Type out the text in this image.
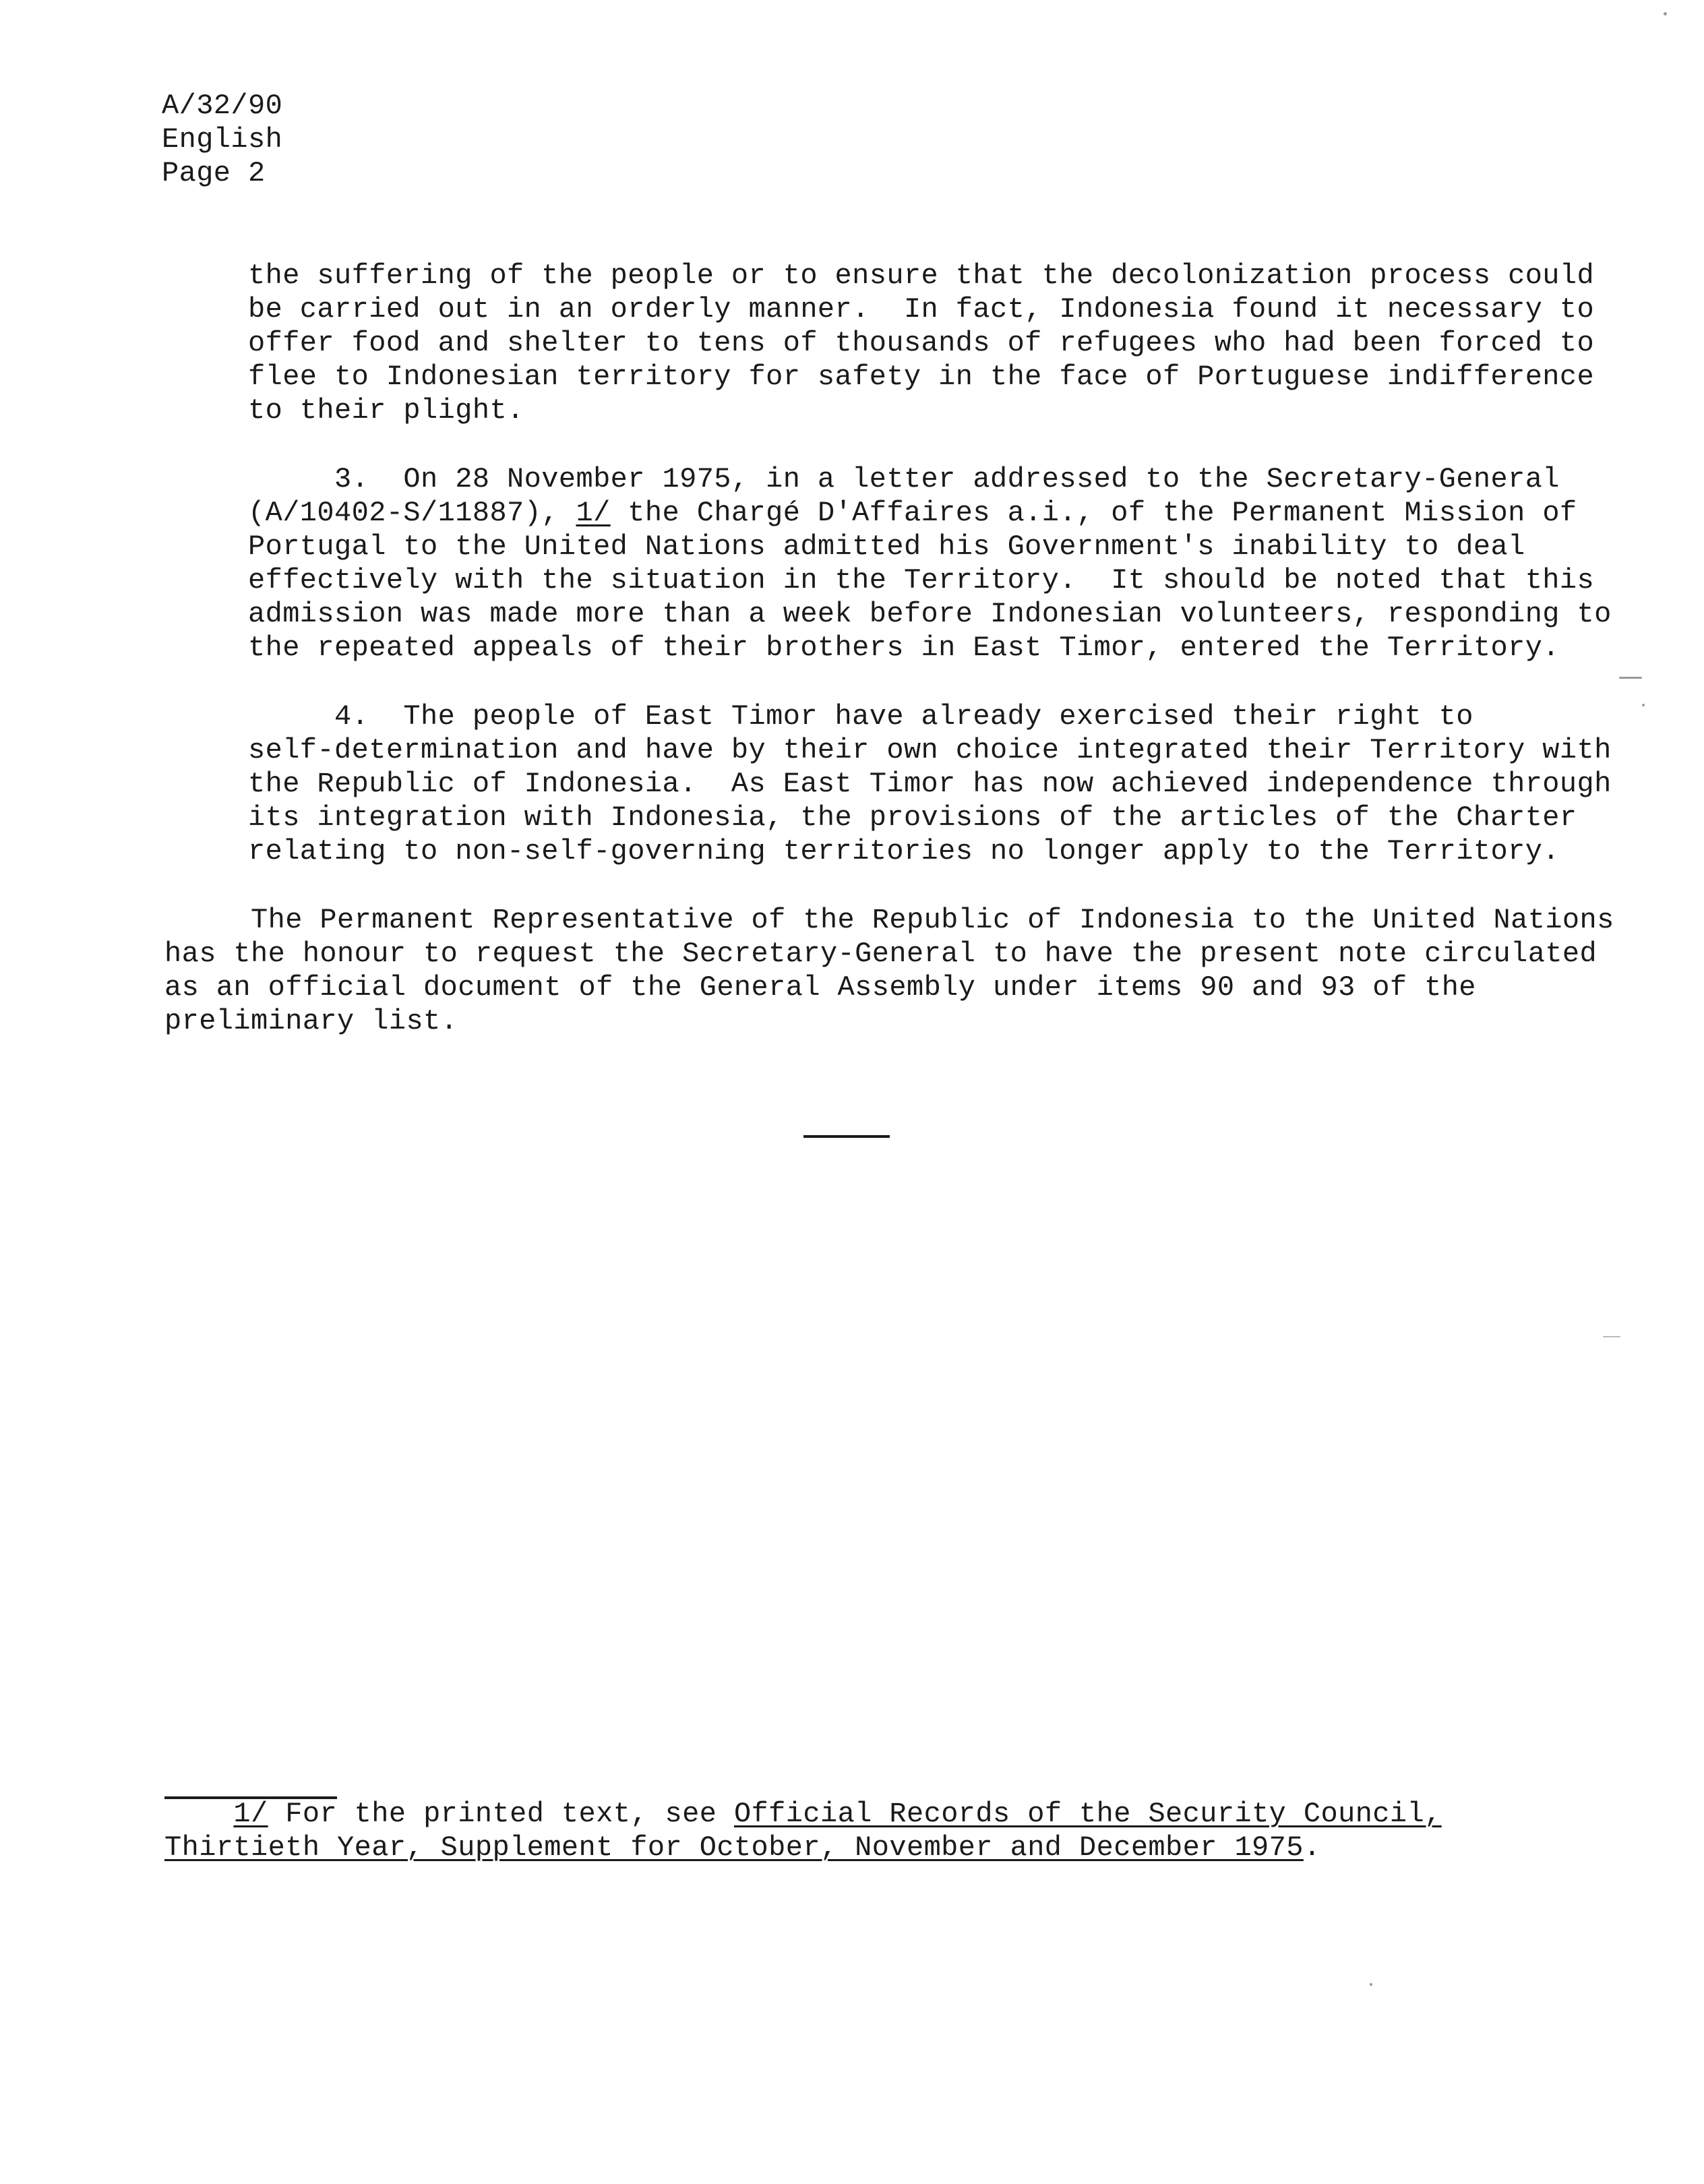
A/32/90
English
Page 2
the suffering of the people or to ensure that the decolonization process could
be carried out in an orderly manner.  In fact, Indonesia found it necessary to
offer food and shelter to tens of thousands of refugees who had been forced to
flee to Indonesian territory for safety in the face of Portuguese indifference
to their plight.
3.  On 28 November 1975, in a letter addressed to the Secretary-General
(A/10402-S/11887), 1/ the Chargé D'Affaires a.i., of the Permanent Mission of
Portugal to the United Nations admitted his Government's inability to deal
effectively with the situation in the Territory.  It should be noted that this
admission was made more than a week before Indonesian volunteers, responding to
the repeated appeals of their brothers in East Timor, entered the Territory.
4.  The people of East Timor have already exercised their right to
self-determination and have by their own choice integrated their Territory with
the Republic of Indonesia.  As East Timor has now achieved independence through
its integration with Indonesia, the provisions of the articles of the Charter
relating to non-self-governing territories no longer apply to the Territory.
The Permanent Representative of the Republic of Indonesia to the United Nations
has the honour to request the Secretary-General to have the present note circulated
as an official document of the General Assembly under items 90 and 93 of the
preliminary list.
1/ For the printed text, see Official Records of the Security Council,
Thirtieth Year, Supplement for October, November and December 1975.
